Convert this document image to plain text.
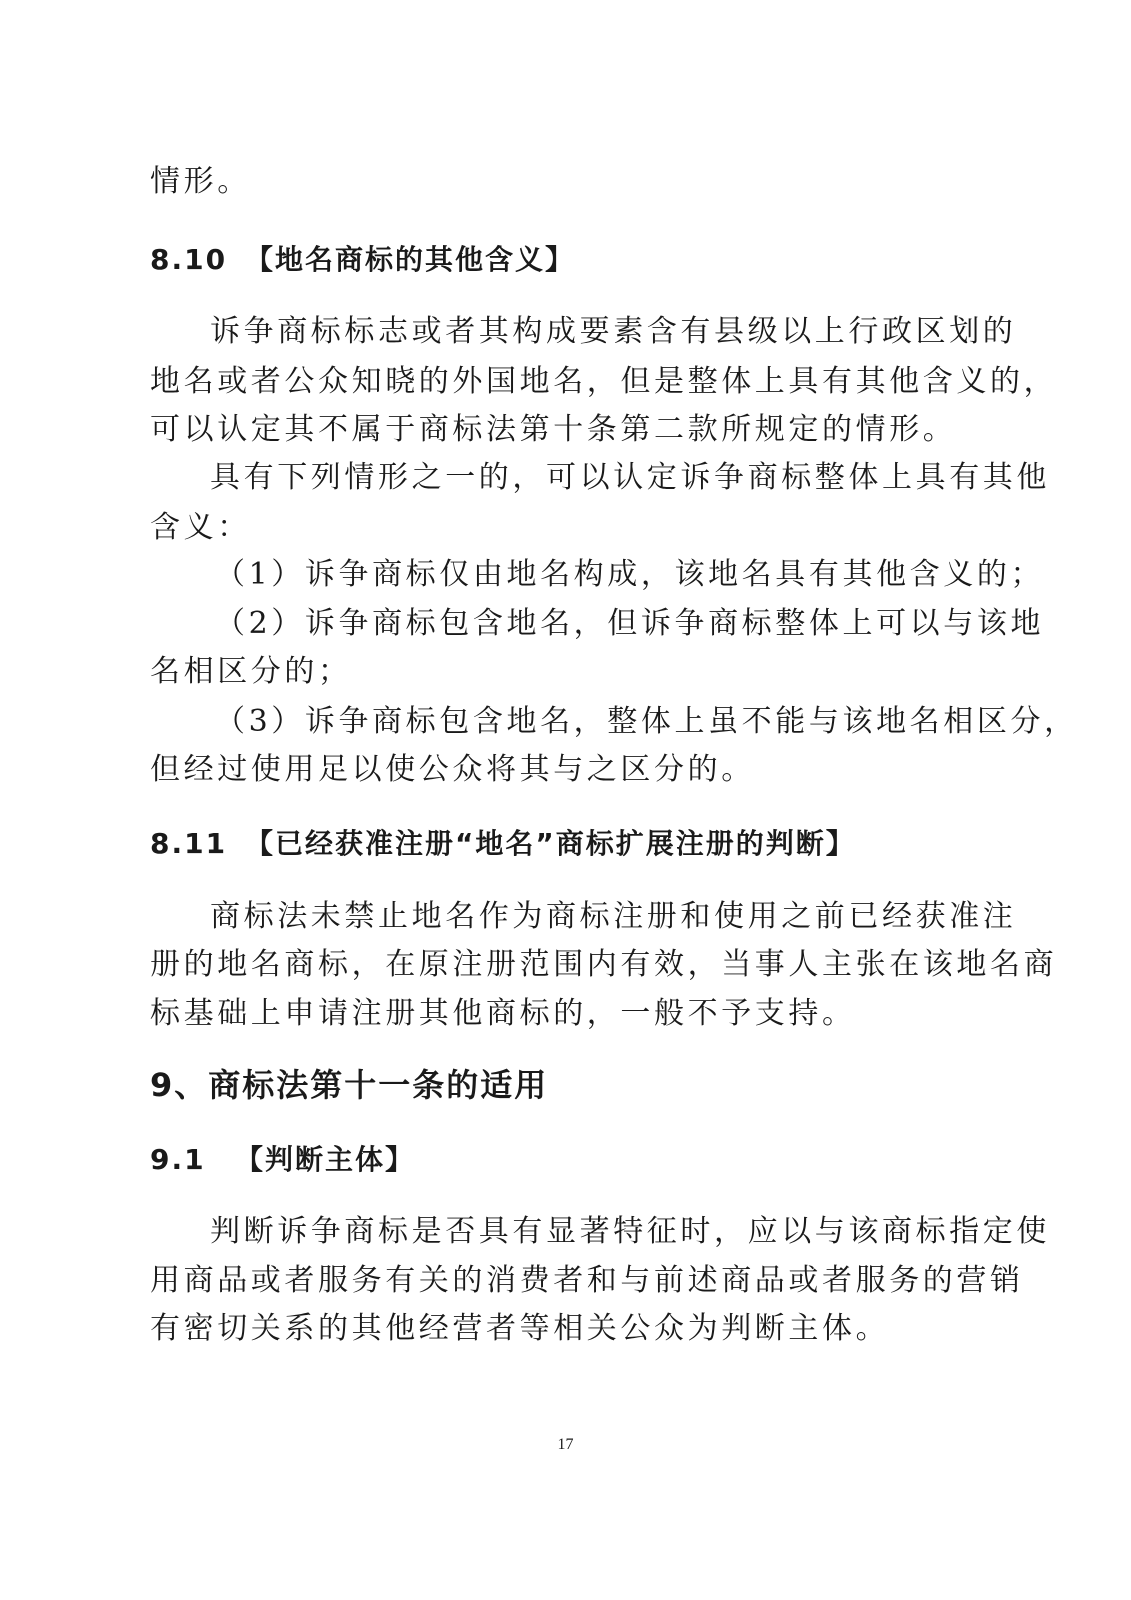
情形。
8.10 【地名商标的其他含义】
诉争商标标志或者其构成要素含有县级以上行政区划的
地名或者公众知晓的外国地名，但是整体上具有其他含义的，
可以认定其不属于商标法第十条第二款所规定的情形。
具有下列情形之一的，可以认定诉争商标整体上具有其他
含义：
（1）诉争商标仅由地名构成，该地名具有其他含义的；
（2）诉争商标包含地名，但诉争商标整体上可以与该地
名相区分的；
（3）诉争商标包含地名，整体上虽不能与该地名相区分，
但经过使用足以使公众将其与之区分的。
8.11 【已经获准注册“地名”商标扩展注册的判断】
商标法未禁止地名作为商标注册和使用之前已经获准注
册的地名商标，在原注册范围内有效，当事人主张在该地名商
标基础上申请注册其他商标的，一般不予支持。
9、商标法第十一条的适用
9.1 【判断主体】
判断诉争商标是否具有显著特征时，应以与该商标指定使
用商品或者服务有关的消费者和与前述商品或者服务的营销
有密切关系的其他经营者等相关公众为判断主体。
17
